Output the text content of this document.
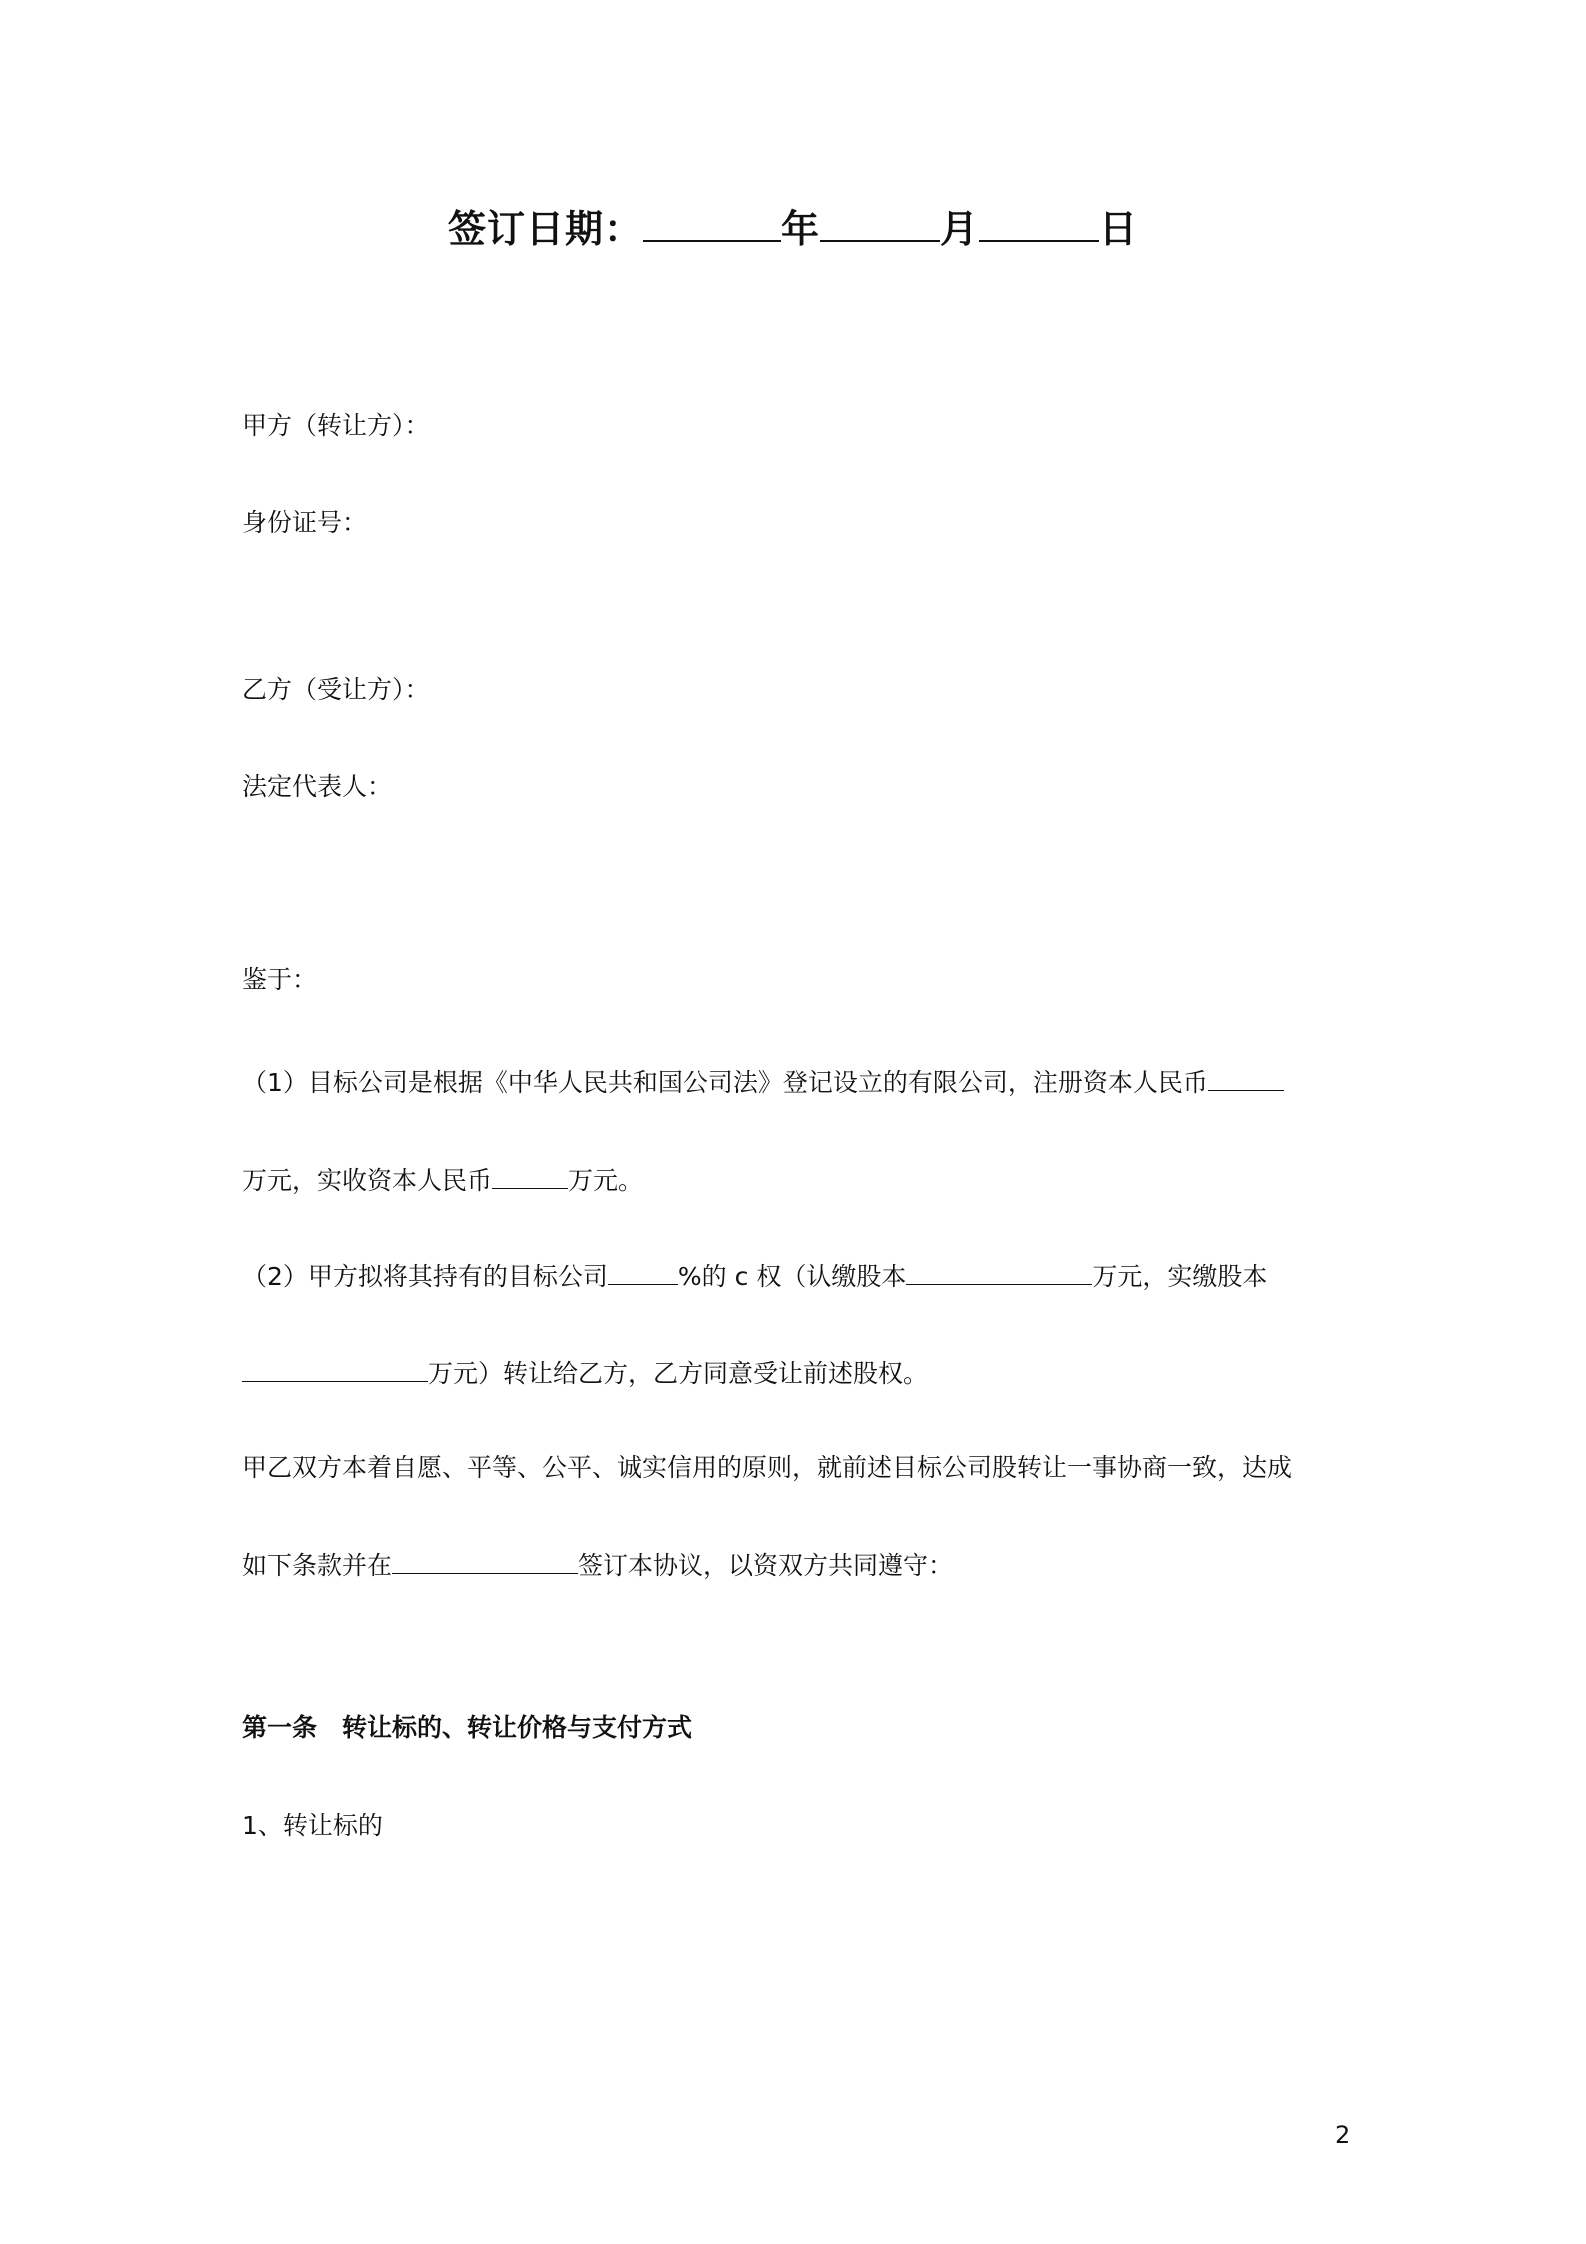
签订日期：	年	月	日
甲方（转让方）：
身份证号：
乙方（受让方）：
法定代表人：
鉴于：
（1）目标公司是根据《中华人民共和国公司法》登记设立的有限公司，注册资本人民币
万元，实收资本人民币	万元。
（2）甲方拟将其持有的目标公司	%的 c 权（认缴股本	万元，实缴股本
万元）转让给乙方，乙方同意受让前述股权。
甲乙双方本着自愿、平等、公平、诚实信用的原则，就前述目标公司股转让一事协商一致，达成
如下条款并在	签订本协议，以资双方共同遵守：
第一条　转让标的、转让价格与支付方式
1、转让标的
2
